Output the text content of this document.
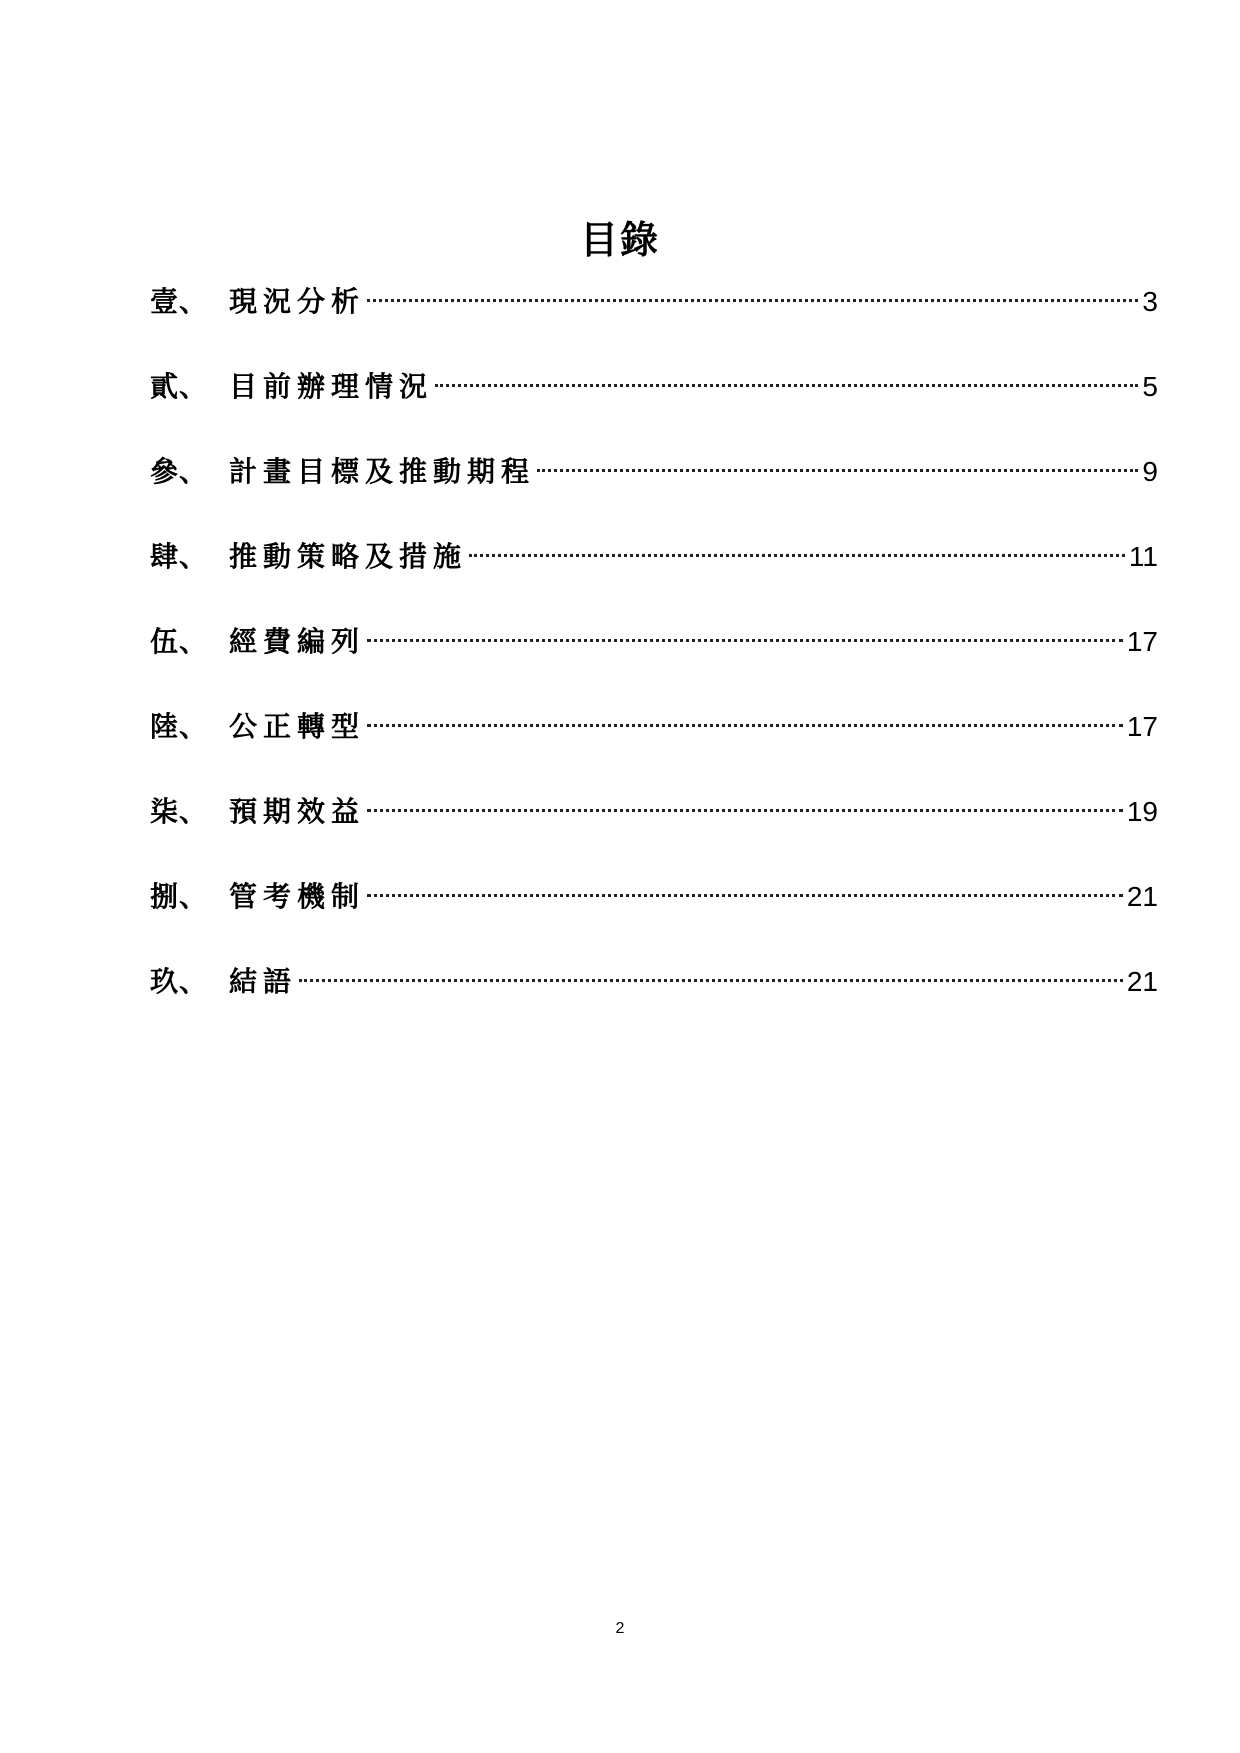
目錄
壹 、 現況分析	3
貳 、 目前辦理情況	5
參 、 計畫目標及推動期程	9
肆 、 推動策略及措施	11
伍 、 經費編列	17
陸 、 公正轉型	17
柒 、 預期效益	19
捌 、 管考機制	21
玖 、 結語	21
2
